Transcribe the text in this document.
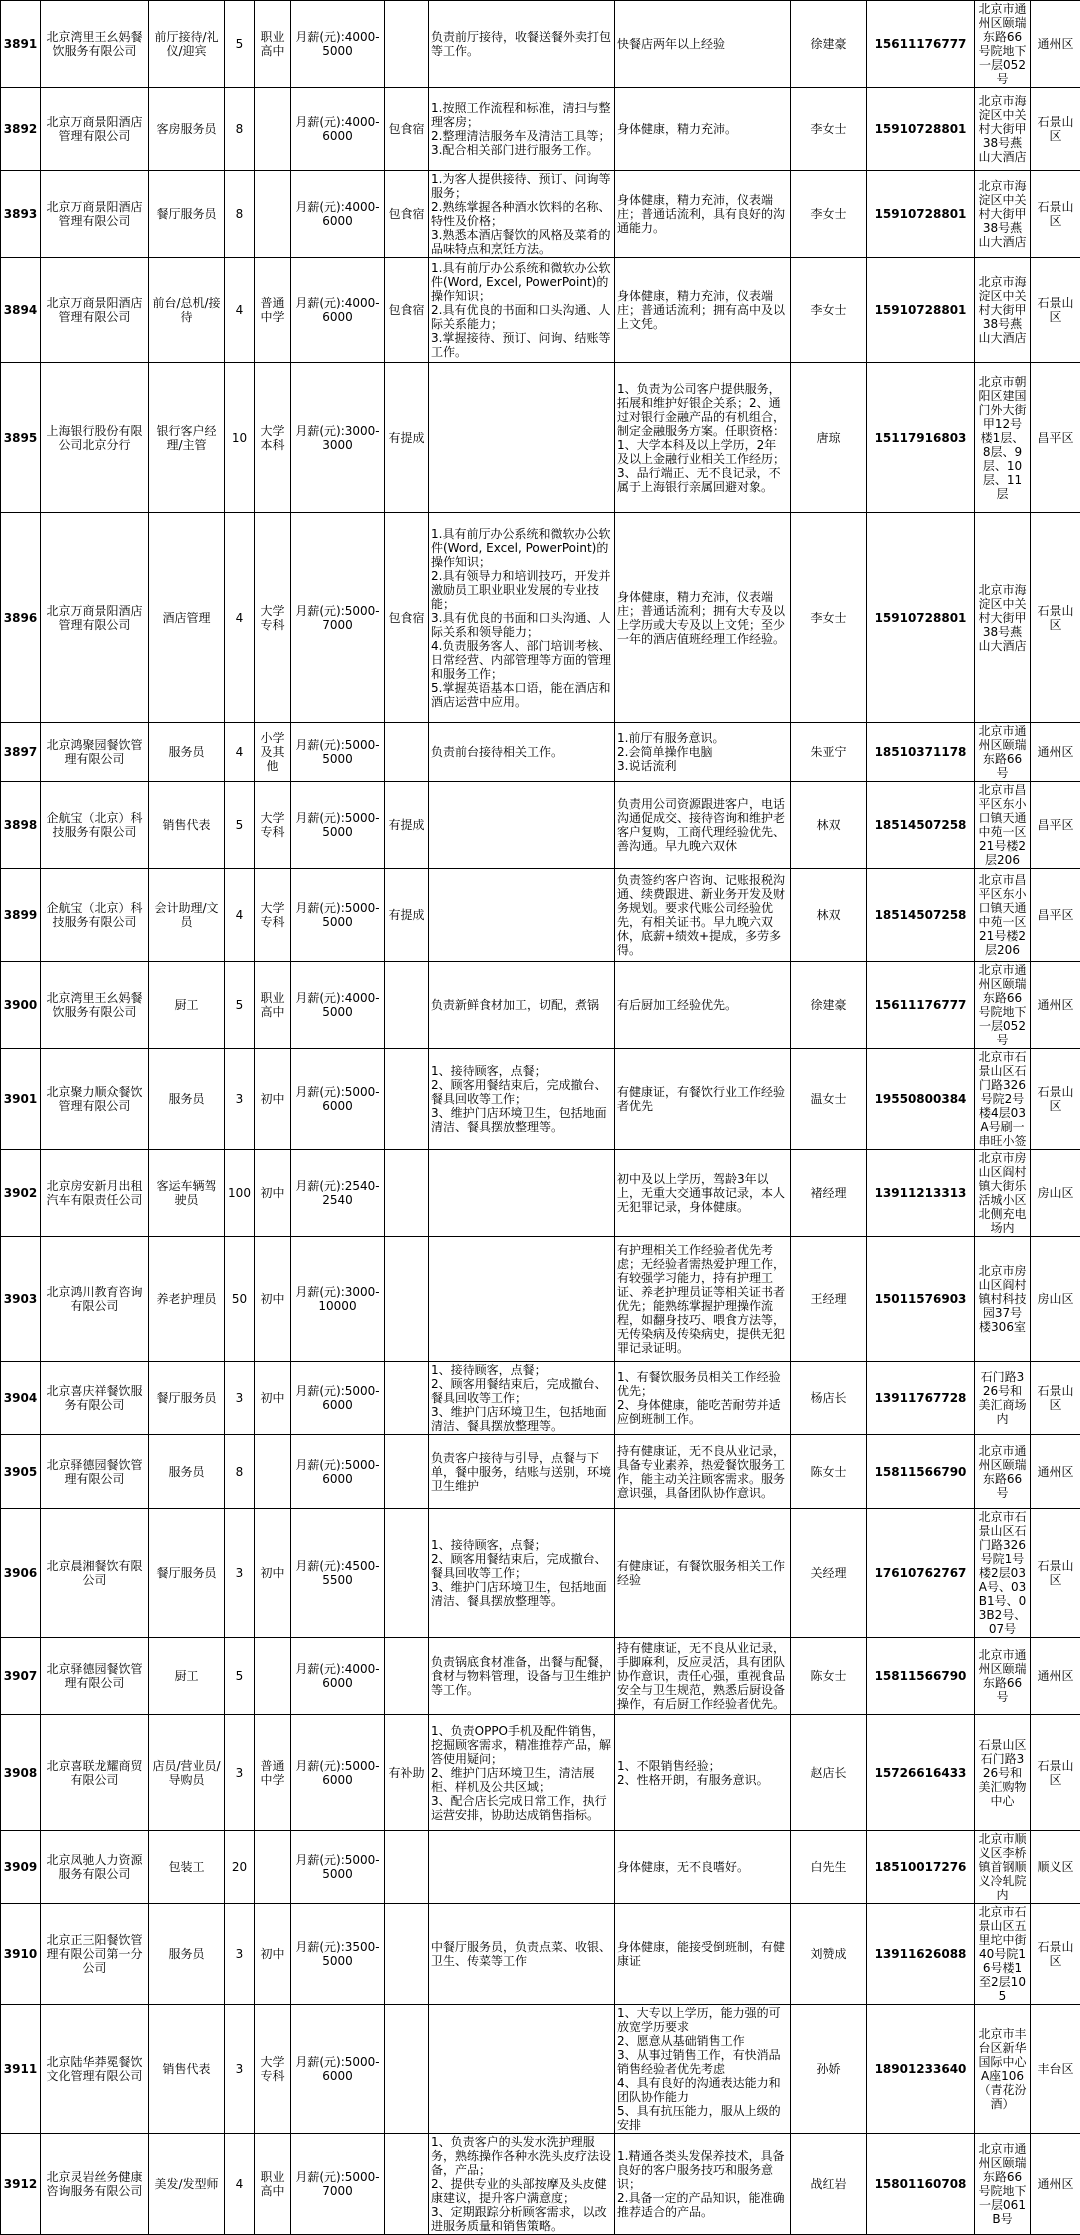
3891	北京湾里王幺妈餐饮服务有限公司	前厅接待/礼仪/迎宾	5	职业高中	月薪(元):4000-5000		负责前厅接待，收餐送餐外卖打包等工作。	快餐店两年以上经验	徐建豪	15611176777	北京市通州区颐瑞东路66号院地下一层052号	通州区
3892	北京万商景阳酒店管理有限公司	客房服务员	8		月薪(元):4000-6000	包食宿	1.按照工作流程和标准，清扫与整理客房；
2.整理清洁服务车及清洁工具等；
3.配合相关部门进行服务工作。	身体健康，精力充沛。	李女士	15910728801	北京市海淀区中关村大街甲38号燕山大酒店	石景山区
3893	北京万商景阳酒店管理有限公司	餐厅服务员	8		月薪(元):4000-6000	包食宿	1.为客人提供接待、预订、问询等服务；
2.熟练掌握各种酒水饮料的名称、特性及价格；
3.熟悉本酒店餐饮的风格及菜肴的品味特点和烹饪方法。	身体健康，精力充沛，仪表端庄；普通话流利，具有良好的沟通能力。	李女士	15910728801	北京市海淀区中关村大街甲38号燕山大酒店	石景山区
3894	北京万商景阳酒店管理有限公司	前台/总机/接待	4	普通中学	月薪(元):4000-6000	包食宿	1.具有前厅办公系统和微软办公软件(Word, Excel, PowerPoint)的操作知识；
2.具有优良的书面和口头沟通、人际关系能力；
3.掌握接待、预订、问询、结账等工作。	身体健康，精力充沛，仪表端庄；普通话流利；拥有高中及以上文凭。	李女士	15910728801	北京市海淀区中关村大街甲38号燕山大酒店	石景山区
3895	上海银行股份有限公司北京分行	银行客户经理/主管	10	大学本科	月薪(元):3000-3000	有提成		1、负责为公司客户提供服务，拓展和维护好银企关系；2、通过对银行金融产品的有机组合，制定金融服务方案。任职资格：1、大学本科及以上学历，2年及以上金融行业相关工作经历；3、品行端正、无不良记录，不属于上海银行亲属回避对象。	唐琼	15117916803	北京市朝阳区建国门外大街甲12号楼1层、8层、9层、10层、11层	昌平区
3896	北京万商景阳酒店管理有限公司	酒店管理	4	大学专科	月薪(元):5000-7000	包食宿	1.具有前厅办公系统和微软办公软件(Word, Excel, PowerPoint)的操作知识；
2.具有领导力和培训技巧，开发并激励员工职业职业发展的专业技能；
3.具有优良的书面和口头沟通、人际关系和领导能力；
4.负责服务客人、部门培训考核、日常经营、内部管理等方面的管理和服务工作；
5.掌握英语基本口语，能在酒店和酒店运营中应用。	身体健康，精力充沛，仪表端庄；普通话流利；拥有大专及以上学历或大专及以上文凭；至少一年的酒店值班经理工作经验。	李女士	15910728801	北京市海淀区中关村大街甲38号燕山大酒店	石景山区
3897	北京鸿聚园餐饮管理有限公司	服务员	4	小学及其他	月薪(元):5000-5000		负责前台接待相关工作。	1.前厅有服务意识。
2.会简单操作电脑
3.说话流利	朱亚宁	18510371178	北京市通州区颐瑞东路66号	通州区
3898	企航宝（北京）科技服务有限公司	销售代表	5	大学专科	月薪(元):5000-5000	有提成		负责用公司资源跟进客户，电话沟通促成交、接待咨询和维护老客户复购，工商代理经验优先、善沟通。早九晚六双休	林双	18514507258	北京市昌平区东小口镇天通中苑一区21号楼2层206	昌平区
3899	企航宝（北京）科技服务有限公司	会计助理/文员	4	大学专科	月薪(元):5000-5000	有提成		负责签约客户咨询、记账报税沟通、续费跟进、新业务开发及财务规划。要求代账公司经验优先，有相关证书。早九晚六双休，底薪+绩效+提成，多劳多得。	林双	18514507258	北京市昌平区东小口镇天通中苑一区21号楼2层206	昌平区
3900	北京湾里王幺妈餐饮服务有限公司	厨工	5	职业高中	月薪(元):4000-5000		负责新鲜食材加工，切配，煮锅	有后厨加工经验优先。	徐建豪	15611176777	北京市通州区颐瑞东路66号院地下一层052号	通州区
3901	北京聚力顺众餐饮管理有限公司	服务员	3	初中	月薪(元):5000-6000		1、接待顾客，点餐；
2、顾客用餐结束后，完成撤台、餐具回收等工作；
3、维护门店环境卫生，包括地面清洁、餐具摆放整理等。	有健康证，有餐饮行业工作经验者优先	温女士	19550800384	北京市石景山区石门路326号院2号楼4层03A号刷一串旺小签	石景山区
3902	北京房安新月出租汽车有限责任公司	客运车辆驾驶员	100	初中	月薪(元):2540-2540			初中及以上学历，驾龄3年以上，无重大交通事故记录，本人无犯罪记录，身体健康。	褚经理	13911213313	北京市房山区阎村镇大街乐活城小区北侧充电场内	房山区
3903	北京鸿川教育咨询有限公司	养老护理员	50	初中	月薪(元):3000-10000			有护理相关工作经验者优先考虑；无经验者需热爱护理工作，有较强学习能力，持有护理工证、养老护理员证等相关证书者优先；能熟练掌握护理操作流程，如翻身技巧、喂食方法等，无传染病及传染病史，提供无犯罪记录证明。	王经理	15011576903	北京市房山区阎村镇村科技园37号楼306室	房山区
3904	北京喜庆祥餐饮服务有限公司	餐厅服务员	3	初中	月薪(元):5000-6000		1、接待顾客，点餐；
2、顾客用餐结束后，完成撤台、餐具回收等工作；
3、维护门店环境卫生，包括地面清洁、餐具摆放整理等。	1、有餐饮服务员相关工作经验优先；
2、身体健康，能吃苦耐劳并适应倒班制工作。	杨店长	13911767728	石门路326号和美汇商场内	石景山区
3905	北京驿德园餐饮管理有限公司	服务员	8		月薪(元):5000-6000		负责客户接待与引导，点餐与下单，餐中服务，结账与送别，环境卫生维护	持有健康证，无不良从业记录，具备专业素养，热爱餐饮服务工作，能主动关注顾客需求。服务意识强，具备团队协作意识。	陈女士	15811566790	北京市通州区颐瑞东路66号	通州区
3906	北京晨湘餐饮有限公司	餐厅服务员	3	初中	月薪(元):4500-5500		1、接待顾客，点餐；
2、顾客用餐结束后，完成撤台、餐具回收等工作；
3、维护门店环境卫生，包括地面清洁、餐具摆放整理等。	有健康证，有餐饮服务相关工作经验	关经理	17610762767	北京市石景山区石门路326号院1号楼2层03A号、03B1号、03B2号、07号	石景山区
3907	北京驿德园餐饮管理有限公司	厨工	5		月薪(元):4000-6000		负责锅底食材准备，出餐与配餐，食材与物料管理，设备与卫生维护等工作。	持有健康证，无不良从业记录，手脚麻利，反应灵活，具有团队协作意识，责任心强，重视食品安全与卫生规范，熟悉后厨设备操作，有后厨工作经验者优先。	陈女士	15811566790	北京市通州区颐瑞东路66号	通州区
3908	北京喜联龙耀商贸有限公司	店员/营业员/导购员	3	普通中学	月薪(元):5000-6000	有补助	1、负责OPPO手机及配件销售，挖掘顾客需求，精准推荐产品，解答使用疑问；
2、维护门店环境卫生，清洁展柜、样机及公共区域；
3、配合店长完成日常工作，执行运营安排，协助达成销售指标。	1、不限销售经验；
2、性格开朗，有服务意识。	赵店长	15726616433	石景山区石门路326号和美汇购物中心	石景山区
3909	北京凤驰人力资源服务有限公司	包装工	20		月薪(元):5000-5000			身体健康，无不良嗜好。	白先生	18510017276	北京市顺义区李桥镇首钢顺义冷轧院内	顺义区
3910	北京正三阳餐饮管理有限公司第一分公司	服务员	3	初中	月薪(元):3500-5000		中餐厅服务员，负责点菜、收银、卫生、传菜等工作	身体健康，能接受倒班制，有健康证	刘赞成	13911626088	北京市石景山区五里坨中街40号院16号楼1至2层105	石景山区
3911	北京陆华莽冕餐饮文化管理有限公司	销售代表	3	大学专科	月薪(元):5000-6000			1、大专以上学历，能力强的可放宽学历要求
2、愿意从基础销售工作
3、从事过销售工作，有快消品销售经验者优先考虑
4、具有良好的沟通表达能力和团队协作能力
5、具有抗压能力，服从上级的安排	孙娇	18901233640	北京市丰台区新华国际中心A座106（青花汾酒）	丰台区
3912	北京灵岩丝务健康咨询服务有限公司	美发/发型师	4	职业高中	月薪(元):5000-7000		1、负责客户的头发水洗护理服务，熟练操作各种水洗头皮疗法设备，产品；
2、提供专业的头部按摩及头皮健康建议，提升客户满意度；
3、定期跟踪分析顾客需求，以改进服务质量和销售策略。	1.精通各类头发保养技术，具备良好的客户服务技巧和服务意识；
2.具备一定的产品知识，能准确推荐适合的产品。	战红岩	15801160708	北京市通州区颐瑞东路66号院地下一层061B号	通州区
